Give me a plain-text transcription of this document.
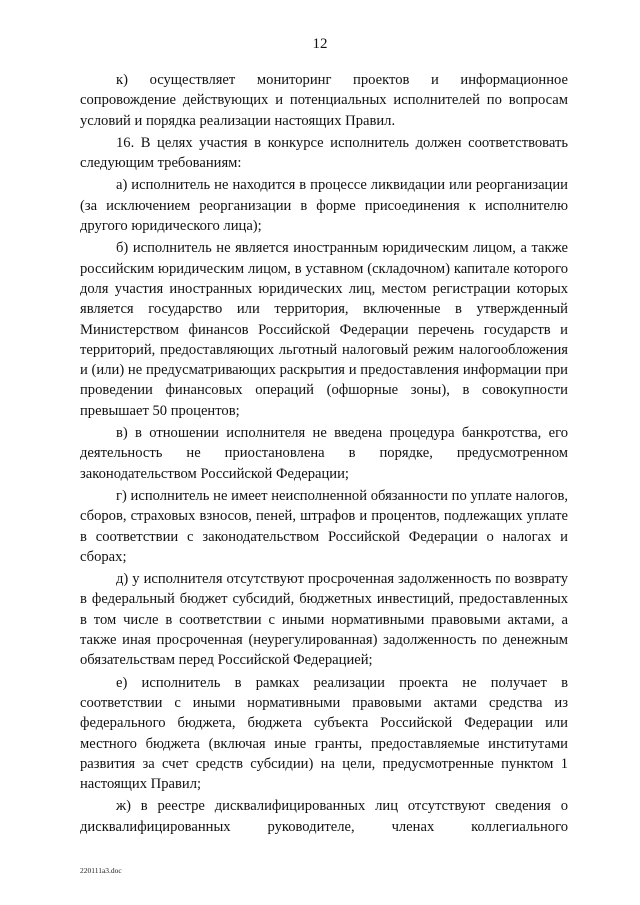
12

к) осуществляет мониторинг проектов и информационное сопровождение действующих и потенциальных исполнителей по вопросам условий и порядка реализации настоящих Правил.

16. В целях участия в конкурсе исполнитель должен соответствовать следующим требованиям:

а) исполнитель не находится в процессе ликвидации или реорганизации (за исключением реорганизации в форме присоединения к исполнителю другого юридического лица);

б) исполнитель не является иностранным юридическим лицом, а также российским юридическим лицом, в уставном (складочном) капитале которого доля участия иностранных юридических лиц, местом регистрации которых является государство или территория, включенные в утвержденный Министерством финансов Российской Федерации перечень государств и территорий, предоставляющих льготный налоговый режим налогообложения и (или) не предусматривающих раскрытия и предоставления информации при проведении финансовых операций (офшорные зоны), в совокупности превышает 50 процентов;

в) в отношении исполнителя не введена процедура банкротства, его деятельность не приостановлена в порядке, предусмотренном законодательством Российской Федерации;

г) исполнитель не имеет неисполненной обязанности по уплате налогов, сборов, страховых взносов, пеней, штрафов и процентов, подлежащих уплате в соответствии с законодательством Российской Федерации о налогах и сборах;

д) у исполнителя отсутствуют просроченная задолженность по возврату в федеральный бюджет субсидий, бюджетных инвестиций, предоставленных в том числе в соответствии с иными нормативными правовыми актами, а также иная просроченная (неурегулированная) задолженность по денежным обязательствам перед Российской Федерацией;

е) исполнитель в рамках реализации проекта не получает в соответствии с иными нормативными правовыми актами средства из федерального бюджета, бюджета субъекта Российской Федерации или местного бюджета (включая иные гранты, предоставляемые институтами развития за счет средств субсидии) на цели, предусмотренные пунктом 1 настоящих Правил;

ж) в реестре дисквалифицированных лиц отсутствуют сведения о дисквалифицированных руководителе, членах коллегиального

220111a3.doc
